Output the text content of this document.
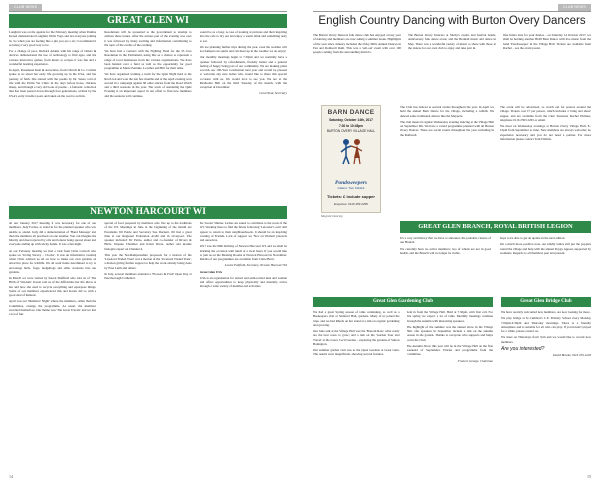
CLUB NEWS
GREAT GLEN WI

Langbirn was on the agenda for the February meeting when Pauline Kersel demonstrated Langbirn Wells Yoga and led everyone joining in. So when you are feeling like a pin you are a sit, I recommend it as being a very good way to be.

For a change of pace, Richard Adams with his range of tablets & devices demonstrated the use of technology to find apps, and the various interactive games, from music to recipes it was fun and a wonderful learning experience.

In April, Rosemead Kent & Associates, from Church & Co. Carlisle spoke to us about her early life growing up in the USA, and her journey of faith. She started with the poems by Dr. Seuss, told of life with the Plains Vet Clinic in the days before horse, chicken, sheep, and through a very old book of poems – a fantastic collection that has been passed down through four generations, written by the USA's early traveller poets and taken on the road to recitals.

Resolutions will be presented to the government to attempt to address these issues. After the serious part of the evening was over it was followed by many exciting and information contributing to the topic of the events of the evening.

We have had a contract with the Fighting Fund for the 33 Jove Resolution in the Parliament, using this as a chance to represent a range of local businesses from the various organisations. We have been handed over a fund as well as the opportunity for good programme at Marie Pennine. Lowther and Bill for their talks.

We have organised training a team for the Quiz Night held at the Red Lion and won the last few months and at the April evening won second in a campaign against 80 other entries from the Road Watch and a third sessions in the year. The work of sustaining the Quiz Evening is an important aspect in our effort to find new members and the sessions will continue.

would be as a busy. A case of looking at pictures and their inspiring into the cafe to dry out and enjoy a warm drink and something tasty to eat.

We are planning further trips during the year, even the weather will not dampen our spirits and can meet up in the weather we do enjoy!

Our monthly meetings begin at 7.30pm and we normally have a speaker followed by refreshments, friendly banter and a general feeling of happy being part of our community. We are making plans towards our 100-Year Celebration next year and would be pleased to welcome any new ladies who would like to share this special occasion with us. We would love to see you. We are at the Methodist Hall on the third Tuesday of the month, with the exception of December.

Carol Neal, Secretary

NEWTON HARCOURT WI

At our January 2017 meeting it was necessary for one of our members, Judy Forbes, to stand in for the planned speaker who was unable to attend. Judy did a demonstration of 'Hand Massage' and then the members all practised on one another. You can imagine the hilarity and meet rejected by oils and lotions being spread about and everyone ending up with sticky hands. It was a fun night.

At our February meeting we had a visit from Chris Colwell who spoke on 'Living Survey – Clocks'. It was an informative evening when Chris advised us all on how to make our own gardens an attractive place for wildlife. We all went home determined to try to encourage birds, frogs, hedgehogs and other creatures into our gardens.

In March we were visited by Karen Sheffield who told us of 'The Birth of Wisdom'. Karen told us of the difficulties her life threw at her and how she used to recycle everything and repurpose things. Some of our members experienced this and Karen did so with a good deal of humour.

April was our 'Members' Night' where the members, rather than the Committee, arrange the programme. As usual, the members excelled themselves. Our theme was 'The Great Travels' and we had a lot of fun.

special of food prepared by members who live up to the traditions of the WI. Meetings in June at the beginning of the month are Presidents Jill Petrie and Secretary Sue Duckett. Jill had a great time at our Regional Federation AGM and in Liverpool. The speaker included: Dr Petrie, author and co-founder of Rivers & Birds. Dapane Chomber and Kristi Davis, author and marine biologist expert on Channel 4.

This year the Northamptonshire proposals for a motion of the 'Licenced Traded Trust' was a motion of the 'Licenced Traded Trust', a motion giving further support to help the work already being done by Prue Leith and others.

In July, several members attended a 'Flowers & Fruit' Open Day at Peterborough Cathedral.

the 'Green' Shutter. Ladies are asked to contribute to the work of the WI. Working there to find the future following 'Leicester's own' still appear to return to their neighbourhoods. It should be an inspiring evening of Friends. Lack of support we 'Nov on Women' placards and ourselves.

2017 saw the 90th birthday of Newton Harcourt WI, and we shall be marking the occasion with lunch at a local hotel. If you would like to join us on the Meeting Rooms at Newton Harcourt in November. Details of our programmes are available from Claire Burtt.

Louise Puttfield, Secretary, Newton Harcourt WI

Great Glen U3A

U3A is an organisation for retired and semi-retired men and women and offers opportunities to keep physically and mentally active through a wide variety of member-led activities.

14
CLUB NEWS
English Country Dancing with Burton Overy Dancers

The Burton Overy Dancers folk dance club has enjoyed a busy year of dancing and members are now taking a summer break. Highlights of the year since January included the Ocky Mills Annual Dances in Fen and Rothwell Ruth. This was a 'sell-out' event with over 100 people coming from the surrounding districts.

The Burton Overy Dancers at Sileby's events and festival bands, Anniversary folk dance event, and the Bramall music and dance in May. There was a wonderful variety of music to share with those at the dances for our own club to enjoy and take part in.

One future date for your diaries – on Saturday 14 October 2017, we shall be holding another BOD Barn Dance with live music from the band 'Pondsweeper' in the Village Hall. Tickets are available from Rachel – see the event poster.

BARN DANCE
Saturday, October 14th, 2017
7:30 to 10:45pm
BURTON OVERY VILLAGE HALL
Pondsweepers
Callers: Tom Fiddick
Tickets: £ include supper
Enquiries: 0116 259 2265
Maypole Dancing

The Club has danced at several events throughout the year. In April we held the annual Barn Dance for the village, including a ceilidh. We danced some traditional dances like the Maypole.

The club meets in regular Wednesday evening dancing at the Village Hall on September 6th. We have a varied programme planned with all Burton Overy Dances. There are social events throughout the year, including in the Rothwell.

The event will be advertised, so watch out for posters around the village. Tickets cost £7 per person, which includes a 'bring and share' supper, and are available from the Club Treasurer Rachel Holmes, telephone 0116 2593 2265 or email.

We meet on Wednesday evenings at Burton Overy Village Hall, 8–10pm from September to June. New members are always welcome; no experience necessary and you do not need a partner. For more information please contact Tom Fiddick.

GREAT GLEN BRANCH, ROYAL BRITISH LEGION

It's a very sad history that we have to announce the probable closure of our Branch.

We currently have no active members; two of whom are not in good health, and the Branch will no longer be viable.

hope to be able to get an update in the next edition.

On a much more positive note, our kindly ladies still put the poppies round the village and help with the annual Poppy Appeal, supported by residents. Regards to all members past and present.

Great Glen Gardening Club

We had a great Spring season of talks continuing, as well as a Beekeepers visit at Stanford Hall, gardens. Many of us joined the trips, and we had Rhoda on her stand at a talk on organic gardening and growing.

Our June talk at the Village Hall was the 'Bottom Rats', what really are the best roses to grow; and a talk on the 'Garden Tour and Travel' at the Grace Cecil Garden – exploring the gardens of Sutton Bonington.

Our summer garden visit was to the Open Gardens at Great Glen. The results were magnificent, showing several features.

Sent in from the Village Hall. Held at 7.30pm, with first call. For this spring we expect a lot of talks. Monthly meetings continue through the autumn with interesting speakers.

The highlight of the summer was the annual show in the Village Hall. Our speakers in September include a talk on the autumn season in the garden. Thanks to everyone who supports and helps out in the Club.

The Autumn Show this year will be in the Village Hall on the first weekend of September. Entries and programme from the Committee.

Frances George, Chairman

Great Glen Bridge Club

We have recently welcomed new members, are now looking for more.

We play bridge at St Cuthbert's C.E. Primary School every Monday 7.00pm-9.30pm and Thursday mornings. There is a friendly atmosphere and is suitable for all who can play. If you haven't played for a while, please contact us.

We meet on Thursdays from 7pm and we would like to recruit new members.

Are you interested?

David Brooks, 0116 259 2226

15
